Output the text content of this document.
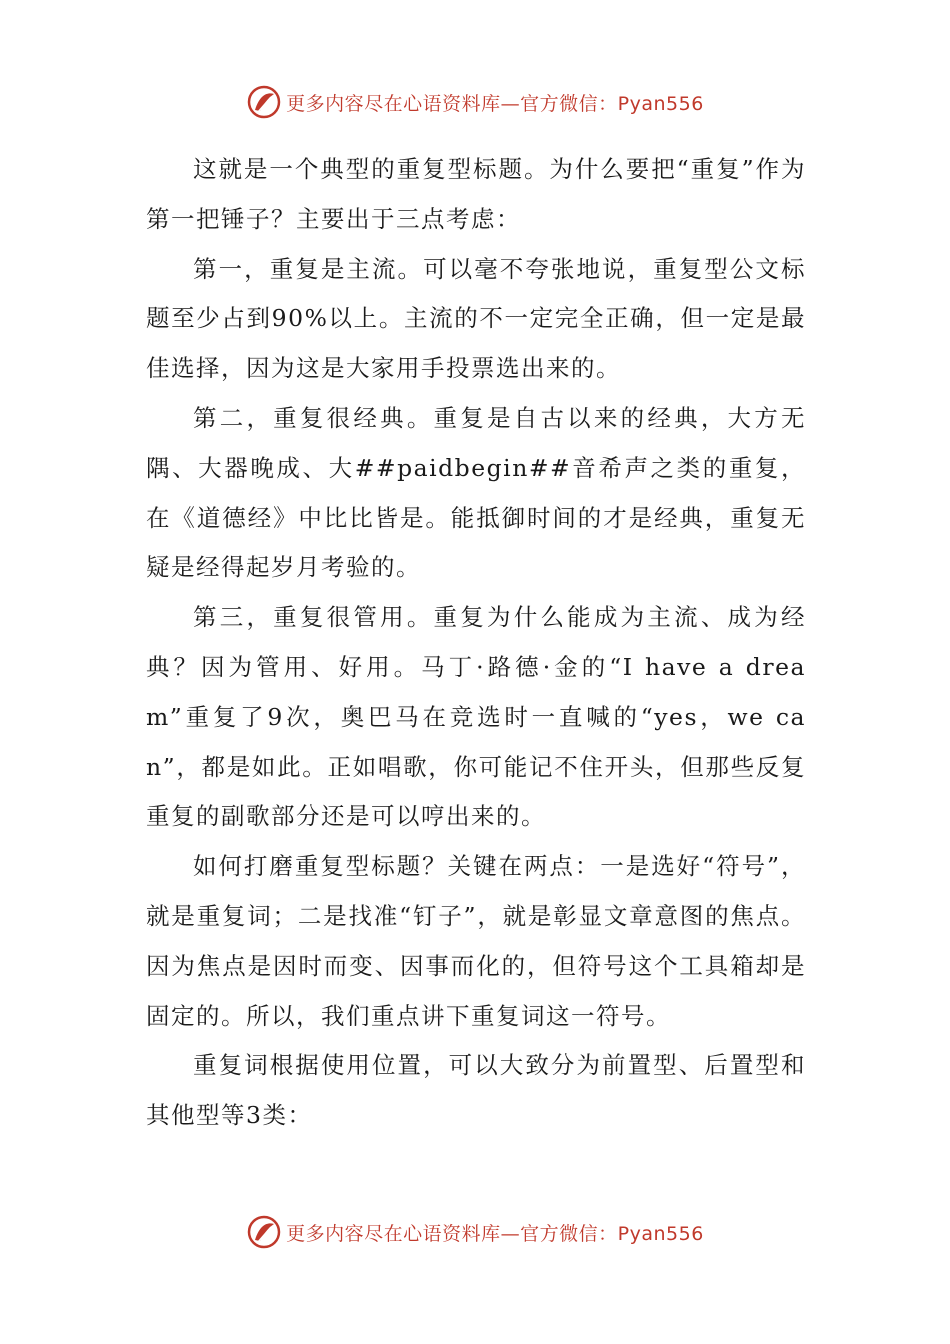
更多内容尽在心语资料库—官方微信：Pyan556

这就是一个典型的重复型标题。为什么要把“重复”作为第一把锤子？主要出于三点考虑：

第一，重复是主流。可以毫不夸张地说，重复型公文标题至少占到90%以上。主流的不一定完全正确，但一定是最佳选择，因为这是大家用手投票选出来的。

第二，重复很经典。重复是自古以来的经典，大方无隅、大器晚成、大##paidbegin##音希声之类的重复，在《道德经》中比比皆是。能抵御时间的才是经典，重复无疑是经得起岁月考验的。

第三，重复很管用。重复为什么能成为主流、成为经典？因为管用、好用。马丁·路德·金的“I have a dream”重复了9次，奥巴马在竞选时一直喊的“yes，we can”，都是如此。正如唱歌，你可能记不住开头，但那些反复重复的副歌部分还是可以哼出来的。

如何打磨重复型标题？关键在两点：一是选好“符号”，就是重复词；二是找准“钉子”，就是彰显文章意图的焦点。因为焦点是因时而变、因事而化的，但符号这个工具箱却是固定的。所以，我们重点讲下重复词这一符号。

重复词根据使用位置，可以大致分为前置型、后置型和其他型等3类：

更多内容尽在心语资料库—官方微信：Pyan556
